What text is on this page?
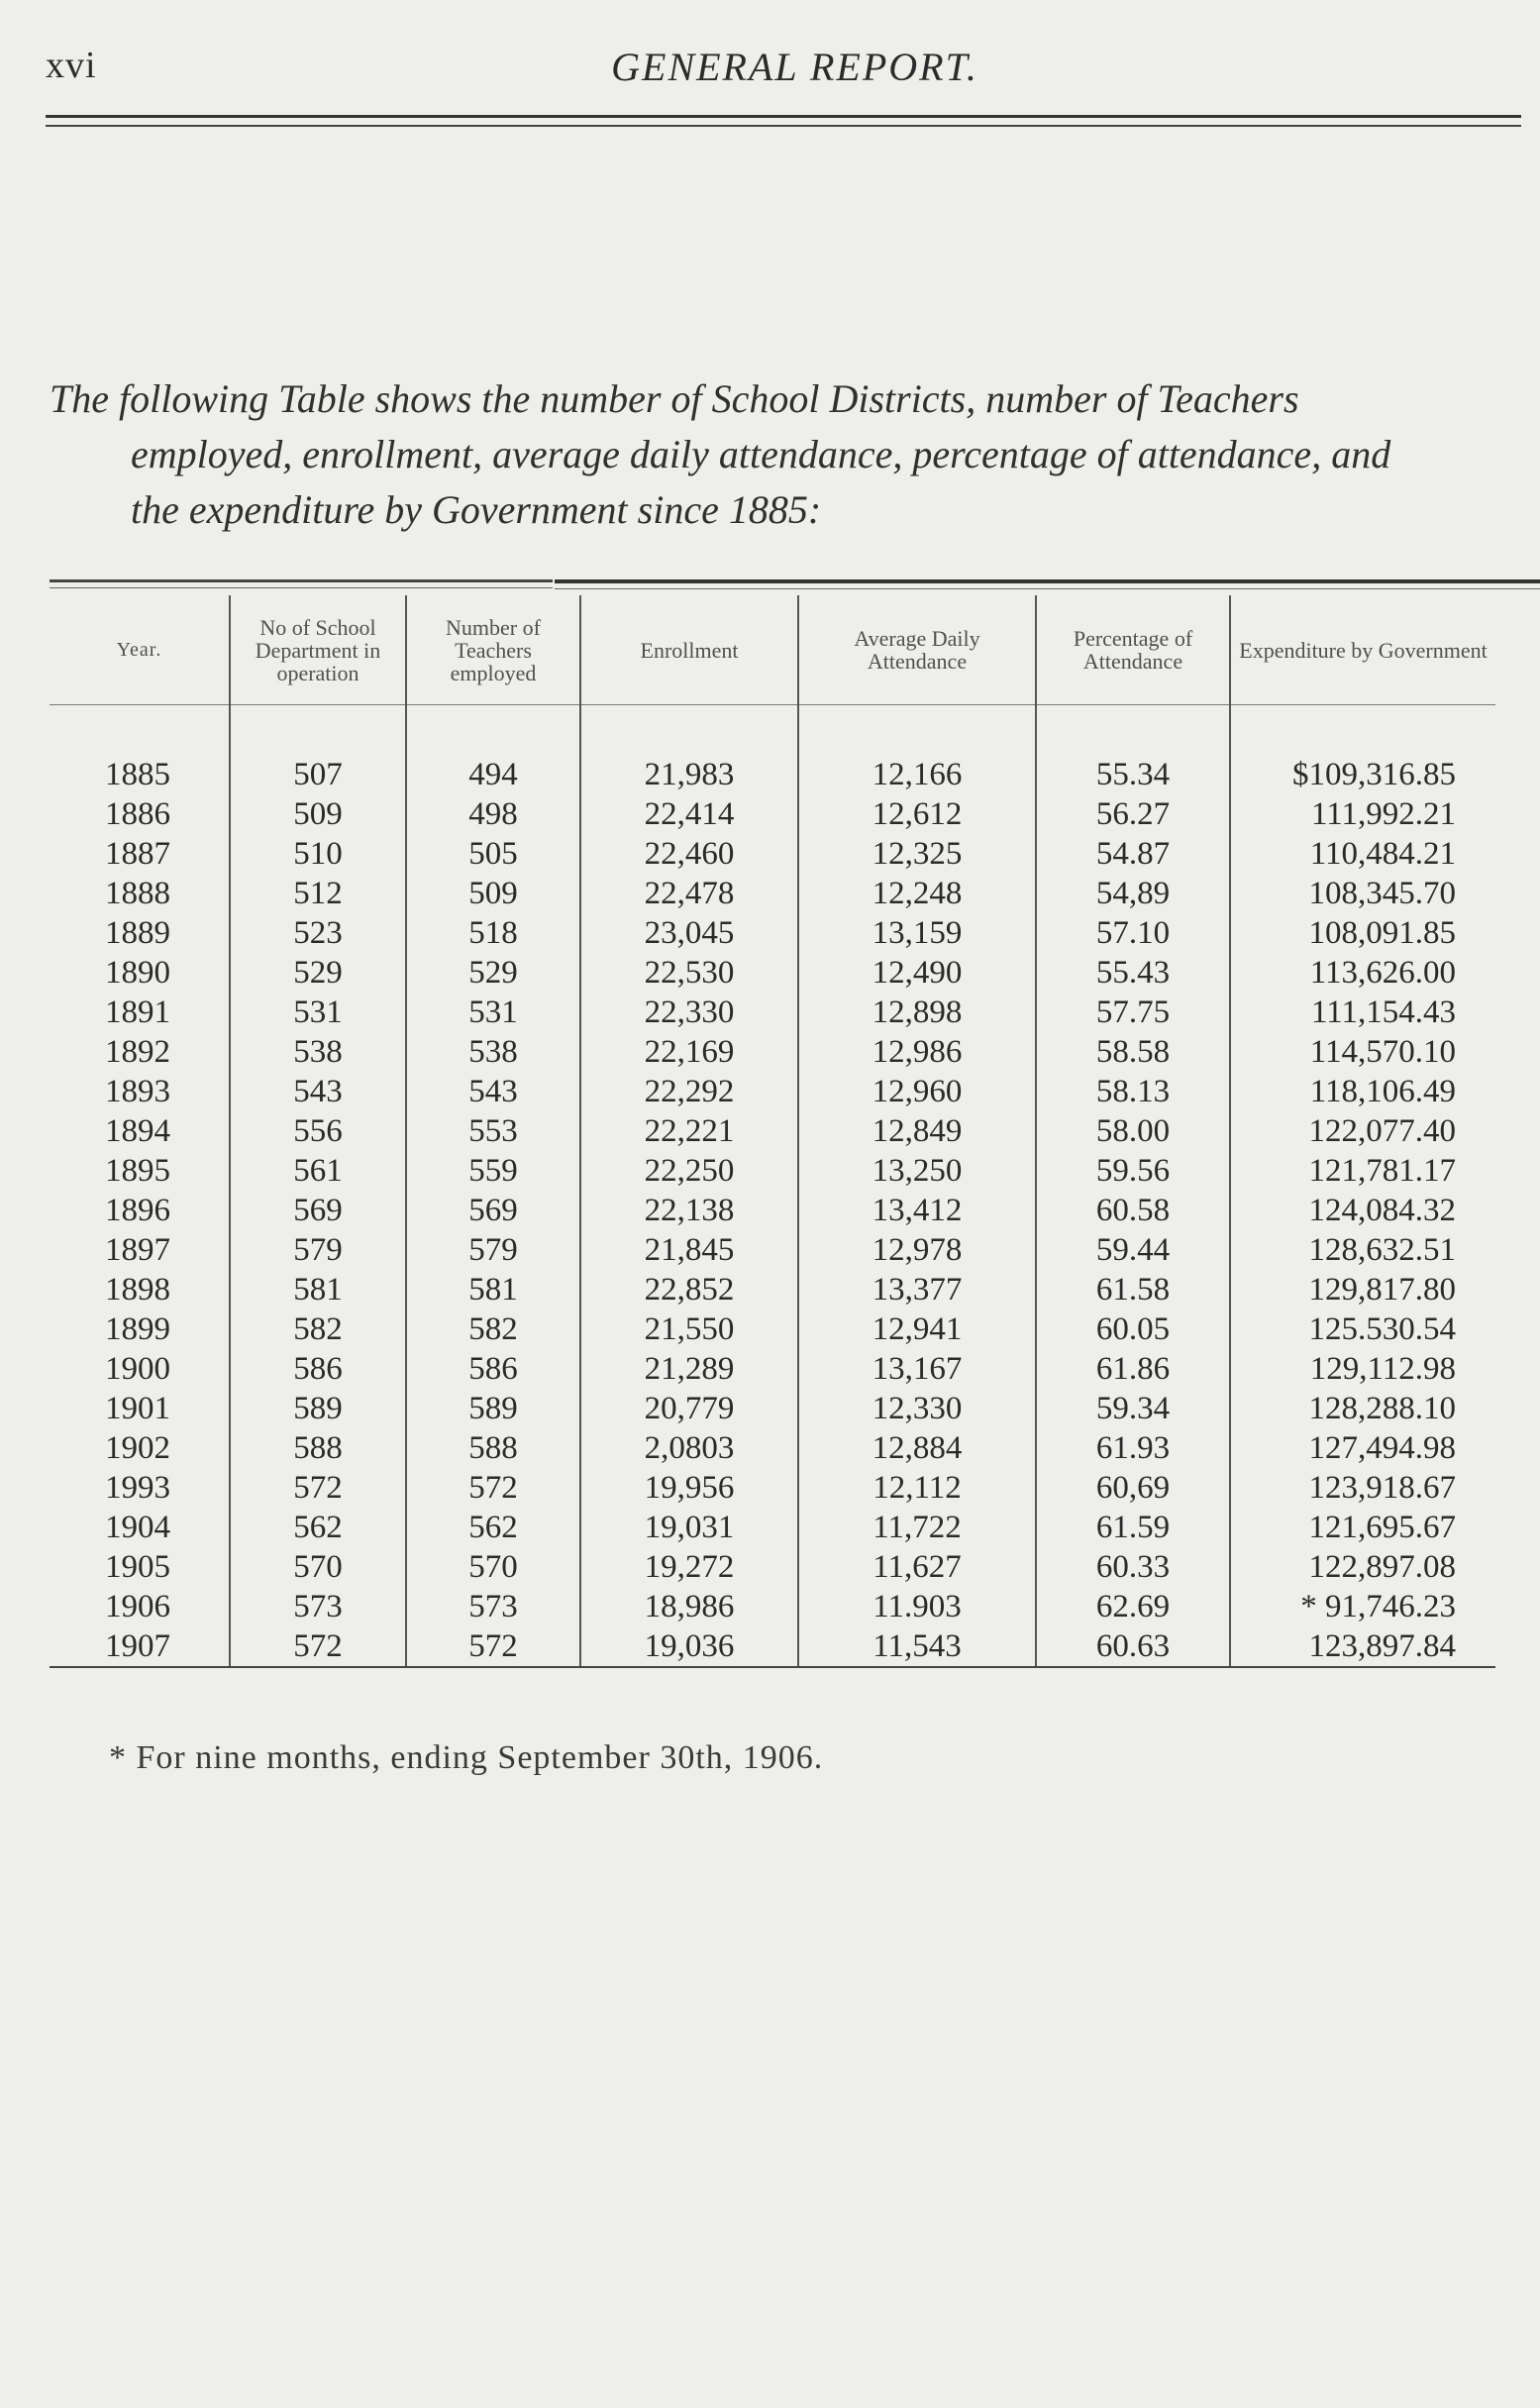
xvi	GENERAL REPORT.
The following Table shows the number of School Districts, number of Teachers
employed, enrollment, average daily attendance, percentage of attendance, and
the expenditure by Government since 1885:
Year.	No of School Department in operation	Number of Teachers employed	Enrollment	Average Daily Attendance	Percentage of Attendance	Expenditure by Government

1885	507	494	21,983	12,166	55.34	$109,316.85
1886	509	498	22,414	12,612	56.27	111,992.21
1887	510	505	22,460	12,325	54.87	110,484.21
1888	512	509	22,478	12,248	54,89	108,345.70
1889	523	518	23,045	13,159	57.10	108,091.85
1890	529	529	22,530	12,490	55.43	113,626.00
1891	531	531	22,330	12,898	57.75	111,154.43
1892	538	538	22,169	12,986	58.58	114,570.10
1893	543	543	22,292	12,960	58.13	118,106.49
1894	556	553	22,221	12,849	58.00	122,077.40
1895	561	559	22,250	13,250	59.56	121,781.17
1896	569	569	22,138	13,412	60.58	124,084.32
1897	579	579	21,845	12,978	59.44	128,632.51
1898	581	581	22,852	13,377	61.58	129,817.80
1899	582	582	21,550	12,941	60.05	125.530.54
1900	586	586	21,289	13,167	61.86	129,112.98
1901	589	589	20,779	12,330	59.34	128,288.10
1902	588	588	2,0803	12,884	61.93	127,494.98
1993	572	572	19,956	12,112	60,69	123,918.67
1904	562	562	19,031	11,722	61.59	121,695.67
1905	570	570	19,272	11,627	60.33	122,897.08
1906	573	573	18,986	11.903	62.69	* 91,746.23
1907	572	572	19,036	11,543	60.63	123,897.84
* For nine months, ending September 30th, 1906.
